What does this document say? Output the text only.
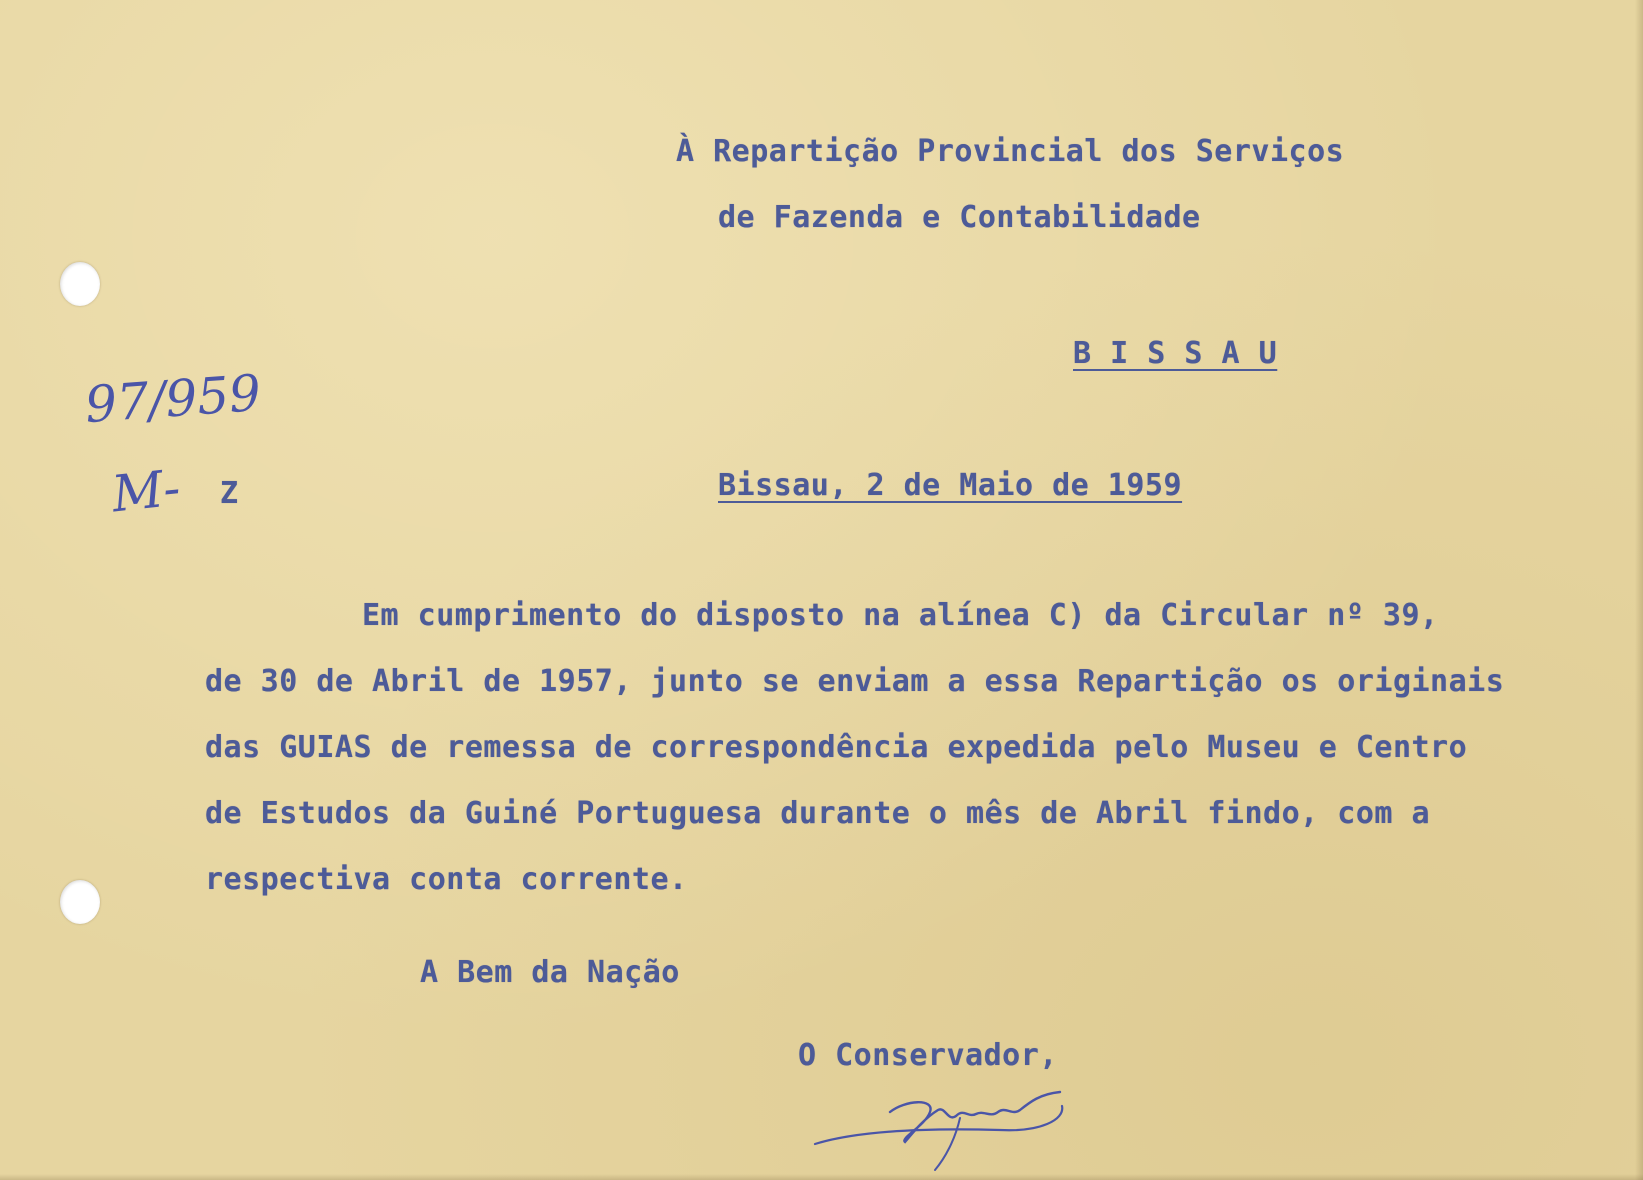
À Repartição Provincial dos Serviços
de Fazenda e Contabilidade
B I S S A U
97/959
M- Z	Bissau, 2 de Maio de 1959
Em cumprimento do disposto na alínea C) da Circular nº 39,
de 30 de Abril de 1957, junto se enviam a essa Repartição os originais
das GUIAS de remessa de correspondência expedida pelo Museu e Centro
de Estudos da Guiné Portuguesa durante o mês de Abril findo, com a
respectiva conta corrente.
A Bem da Nação
O Conservador,
